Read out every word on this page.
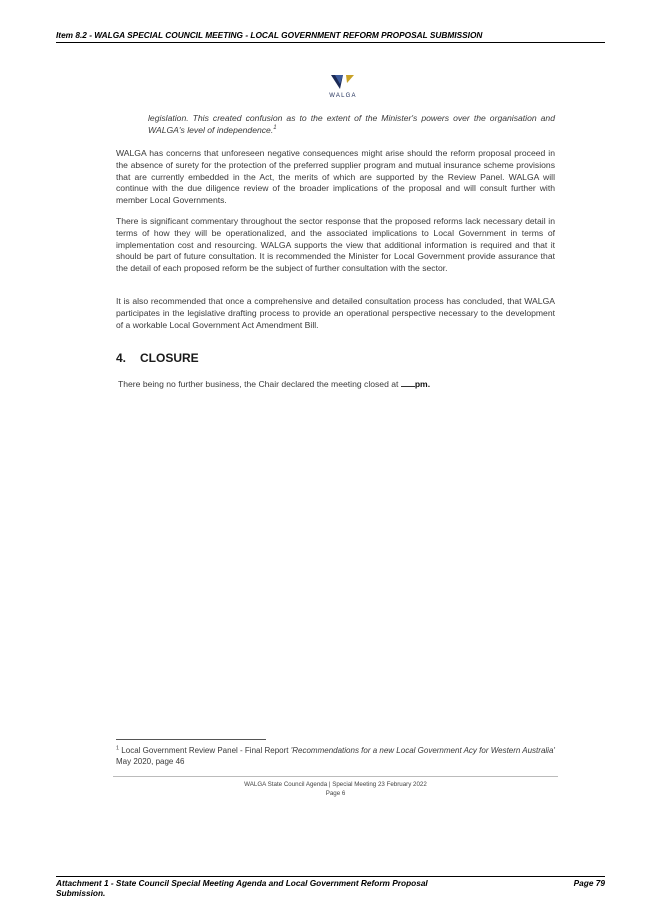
Item 8.2 - WALGA SPECIAL COUNCIL MEETING - LOCAL GOVERNMENT REFORM PROPOSAL SUBMISSION
WALGA
legislation. This created confusion as to the extent of the Minister's powers over the organisation and WALGA's level of independence.$^1$
WALGA has concerns that unforeseen negative consequences might arise should the reform proposal proceed in the absence of surety for the protection of the preferred supplier program and mutual insurance scheme provisions that are currently embedded in the Act, the merits of which are supported by the Review Panel. WALGA will continue with the due diligence review of the broader implications of the proposal and will consult further with member Local Governments.
There is significant commentary throughout the sector response that the proposed reforms lack necessary detail in terms of how they will be operationalized, and the associated implications to Local Government in terms of implementation cost and resourcing. WALGA supports the view that additional information is required and that it should be part of future consultation. It is recommended the Minister for Local Government provide assurance that the detail of each proposed reform be the subject of further consultation with the sector.
It is also recommended that once a comprehensive and detailed consultation process has concluded, that WALGA participates in the legislative drafting process to provide an operational perspective necessary to the development of a workable Local Government Act Amendment Bill.
4. CLOSURE
There being no further business, the Chair declared the meeting closed at pm.
$^1$ Local Government Review Panel - Final Report 'Recommendations for a new Local Government Acy for Western Australia' May 2020, page 46
WALGA State Council Agenda | Special Meeting 23 February 2022
Page 6
Attachment 1 - State Council Special Meeting Agenda and Local Government Reform Proposal Submission.
Page 79
